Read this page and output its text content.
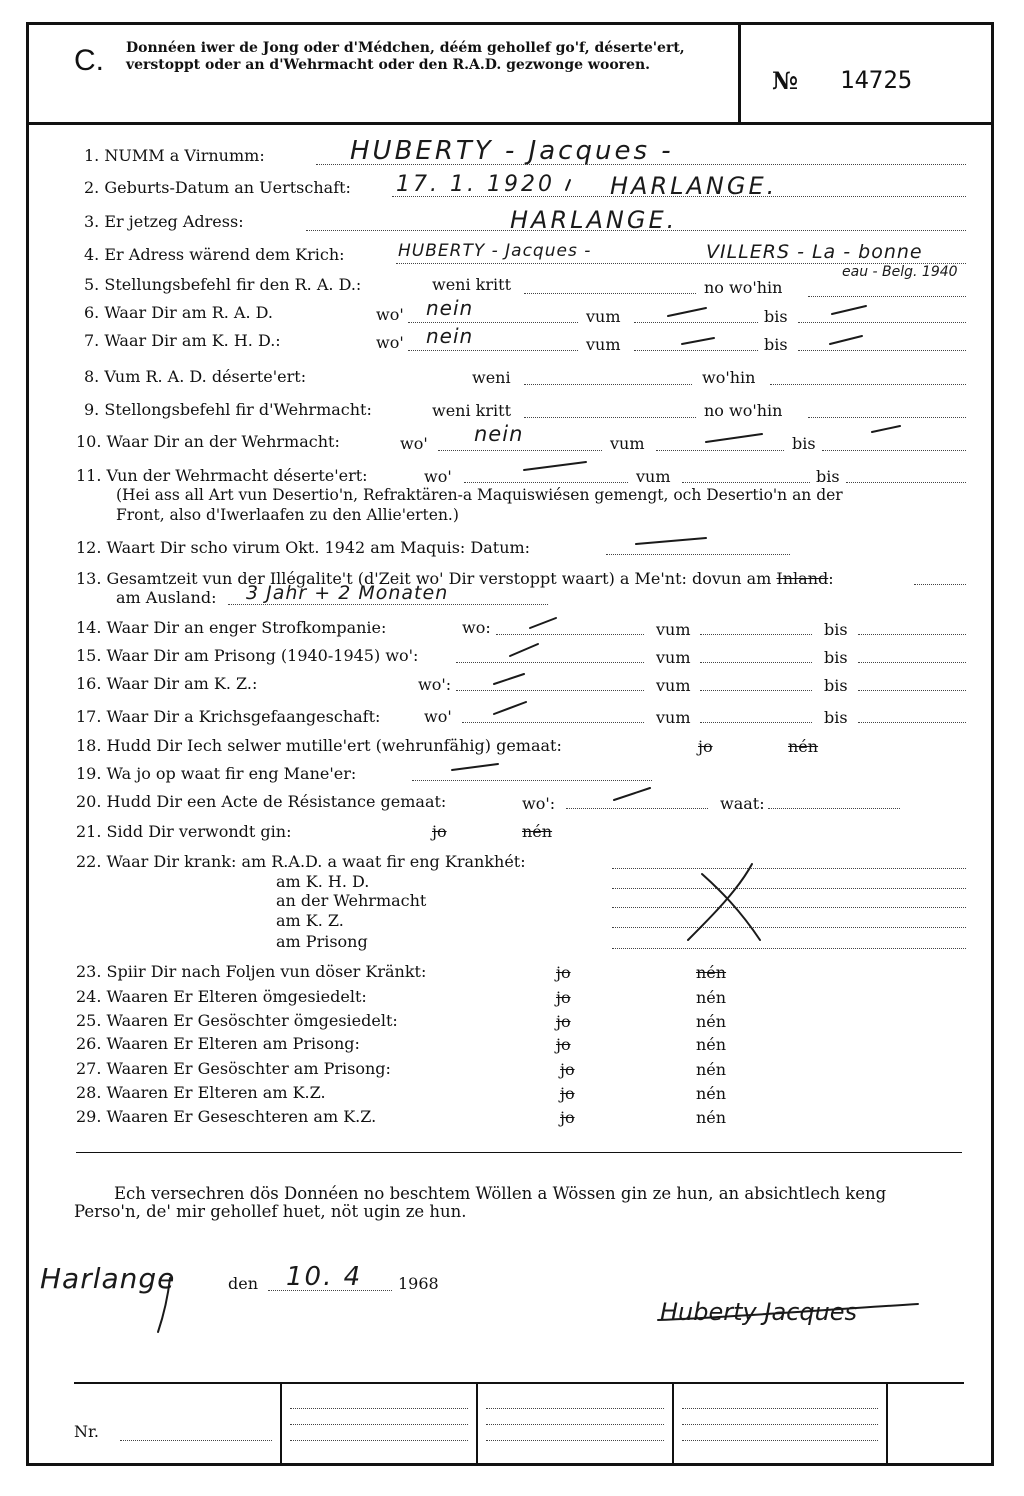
C. Donnéen iwer de Jong oder d'Médchen, déém gehollef go'f, déserte'ert, verstoppt oder an d'Wehrmacht oder den R.A.D. gezwonge wooren.
№ 14725
1. NUMM a Virnumm:	HUBERTY - Jacques -
2. Geburts-Datum an Uertschaft: 17. 1. 1920 HARLANGE.
3. Er jetzeg Adress:	HARLANGE.
4. Er Adress wärend dem Krich:	HUBERTY - Jacques -	VILLERS - La - bonne
5. Stellungsbefehl fir den R. A. D.:	weni kritt	no wo'hin
eau - Belg. 1940
6. Waar Dir am R. A. D.	wo' nein	vum	bis
7. Waar Dir am K. H. D.:	wo' nein	vum	bis
8. Vum R. A. D. déserte'ert:	weni	wo'hin
9. Stellongsbefehl fir d'Wehrmacht:	weni kritt	no wo'hin
10. Waar Dir an der Wehrmacht:	wo' nein	vum	bis
11. Vun der Wehrmacht déserte'ert:	wo'	vum	bis
(Hei ass all Art vun Desertio'n, Refraktären-a Maquiswiésen gemengt, och Desertio'n an der
Front, also d'Iwerlaafen zu den Allie'erten.)
12. Waart Dir scho virum Okt. 1942 am Maquis: Datum:
13. Gesamtzeit vun der Illégalite't (d'Zeit wo' Dir verstoppt waart) a Me'nt: dovun am Inland:
am Ausland: 3 Jahr + 2 Monaten
14. Waar Dir an enger Strofkompanie:	wo:	vum	bis
15. Waar Dir am Prisong (1940-1945) wo':	vum	bis
16. Waar Dir am K. Z.:	wo':	vum	bis
17. Waar Dir a Krichsgefaangeschaft:	wo'	vum	bis
18. Hudd Dir Iech selwer mutille'ert (wehrunfähig) gemaat:	jo	nén
19. Wa jo op waat fir eng Mane'er:
20. Hudd Dir een Acte de Résistance gemaat:	wo':	waat:
21. Sidd Dir verwondt gin:	jo	nén
22. Waar Dir krank: am R.A.D. a waat fir eng Krankhét:
am K. H. D.
an der Wehrmacht
am K. Z.
am Prisong
23. Spiir Dir nach Foljen vun döser Kränkt:	jo	nén
24. Waaren Er Elteren ömgesiedelt:	jo	nén
25. Waaren Er Gesöschter ömgesiedelt:	jo	nén
26. Waaren Er Elteren am Prisong:	jo	nén
27. Waaren Er Gesöschter am Prisong:	jo	nén
28. Waaren Er Elteren am K.Z.	jo	nén
29. Waaren Er Geseschteren am K.Z.	jo	nén
Ech versechren dös Donnéen no beschtem Wöllen a Wössen gin ze hun, an absichtlech keng
Perso'n, de' mir gehollef huet, nöt ugin ze hun.
Harlange	den 10. 4 1968
Huberty Jacques
Nr.
